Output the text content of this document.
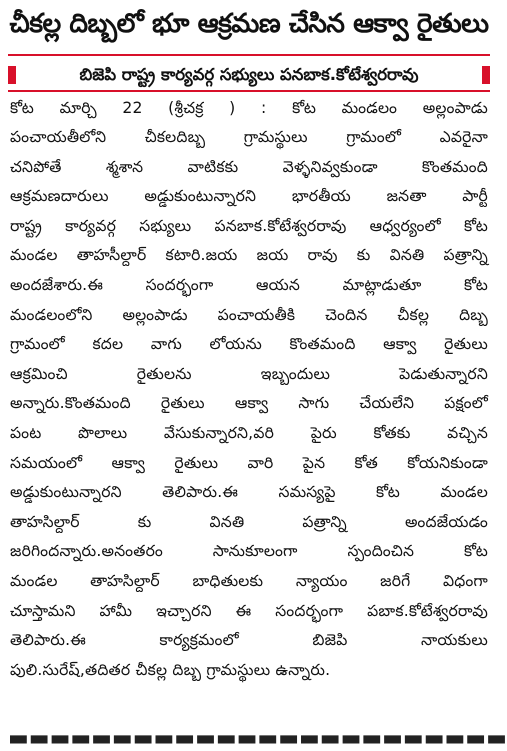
చీకల్ల దిబ్బలో భూ ఆక్రమణ చేసిన ఆక్వా రైతులు
బిజెపి రాష్ట్ర కార్యవర్గ సభ్యులు పనబాక.కోటేశ్వరరావు
కోట మార్చి 22 (శ్రీచక్ర ) : కోట మండలం అల్లంపాడు
పంచాయతీలోని చీకలదిబ్బ గ్రామస్థులు గ్రామంలో ఎవరైనా
చనిపోతే శ్మశాన వాటికకు వెళ్ళనివ్వకుండా కొంతమంది
ఆక్రమణదారులు అడ్డుకుంటున్నారని భారతీయ జనతా పార్టీ
రాష్ట్ర కార్యవర్గ సభ్యులు పనబాక.కోటేశ్వరరావు ఆధ్వర్యంలో కోట
మండల తాహసీల్దార్ కటారి.జయ జయ రావు కు వినతి పత్రాన్ని
అందజేశారు.ఈ సందర్భంగా ఆయన మాట్లాడుతూ కోట
మండలంలోని అల్లంపాడు పంచాయతీకి చెందిన చీకల్ల దిబ్బ
గ్రామంలో కదల వాగు లోయను కొంతమంది ఆక్వా రైతులు
ఆక్రమించి రైతులను ఇబ్బందులు పెడుతున్నారని
అన్నారు.కొంతమంది రైతులు ఆక్వా సాగు చేయలేని పక్షంలో
పంట పొలాలు వేసుకున్నారని,వరి పైరు కోతకు వచ్చిన
సమయంలో ఆక్వా రైతులు వారి పైన కోత కోయనికుండా
అడ్డుకుంటున్నారని తెలిపారు.ఈ సమస్యపై కోట మండల
తాహసిల్దార్ కు వినతి పత్రాన్ని అందజేయడం
జరిగిందన్నారు.అనంతరం సానుకూలంగా స్పందించిన కోట
మండల తాహసిల్దార్ బాధితులకు న్యాయం జరిగే విధంగా
చూస్తామని హామీ ఇచ్చారని ఈ సందర్భంగా పబాక.కోటేశ్వరరావు
తెలిపారు.ఈ కార్యక్రమంలో బిజెపి నాయకులు
పులి.సురేష్,తదితర చీకల్ల దిబ్బ గ్రామస్థులు ఉన్నారు.
▬▬▬▬▬▬▬▬▬▬▬▬▬▬▬▬▬▬▬▬▬▬▬▬
